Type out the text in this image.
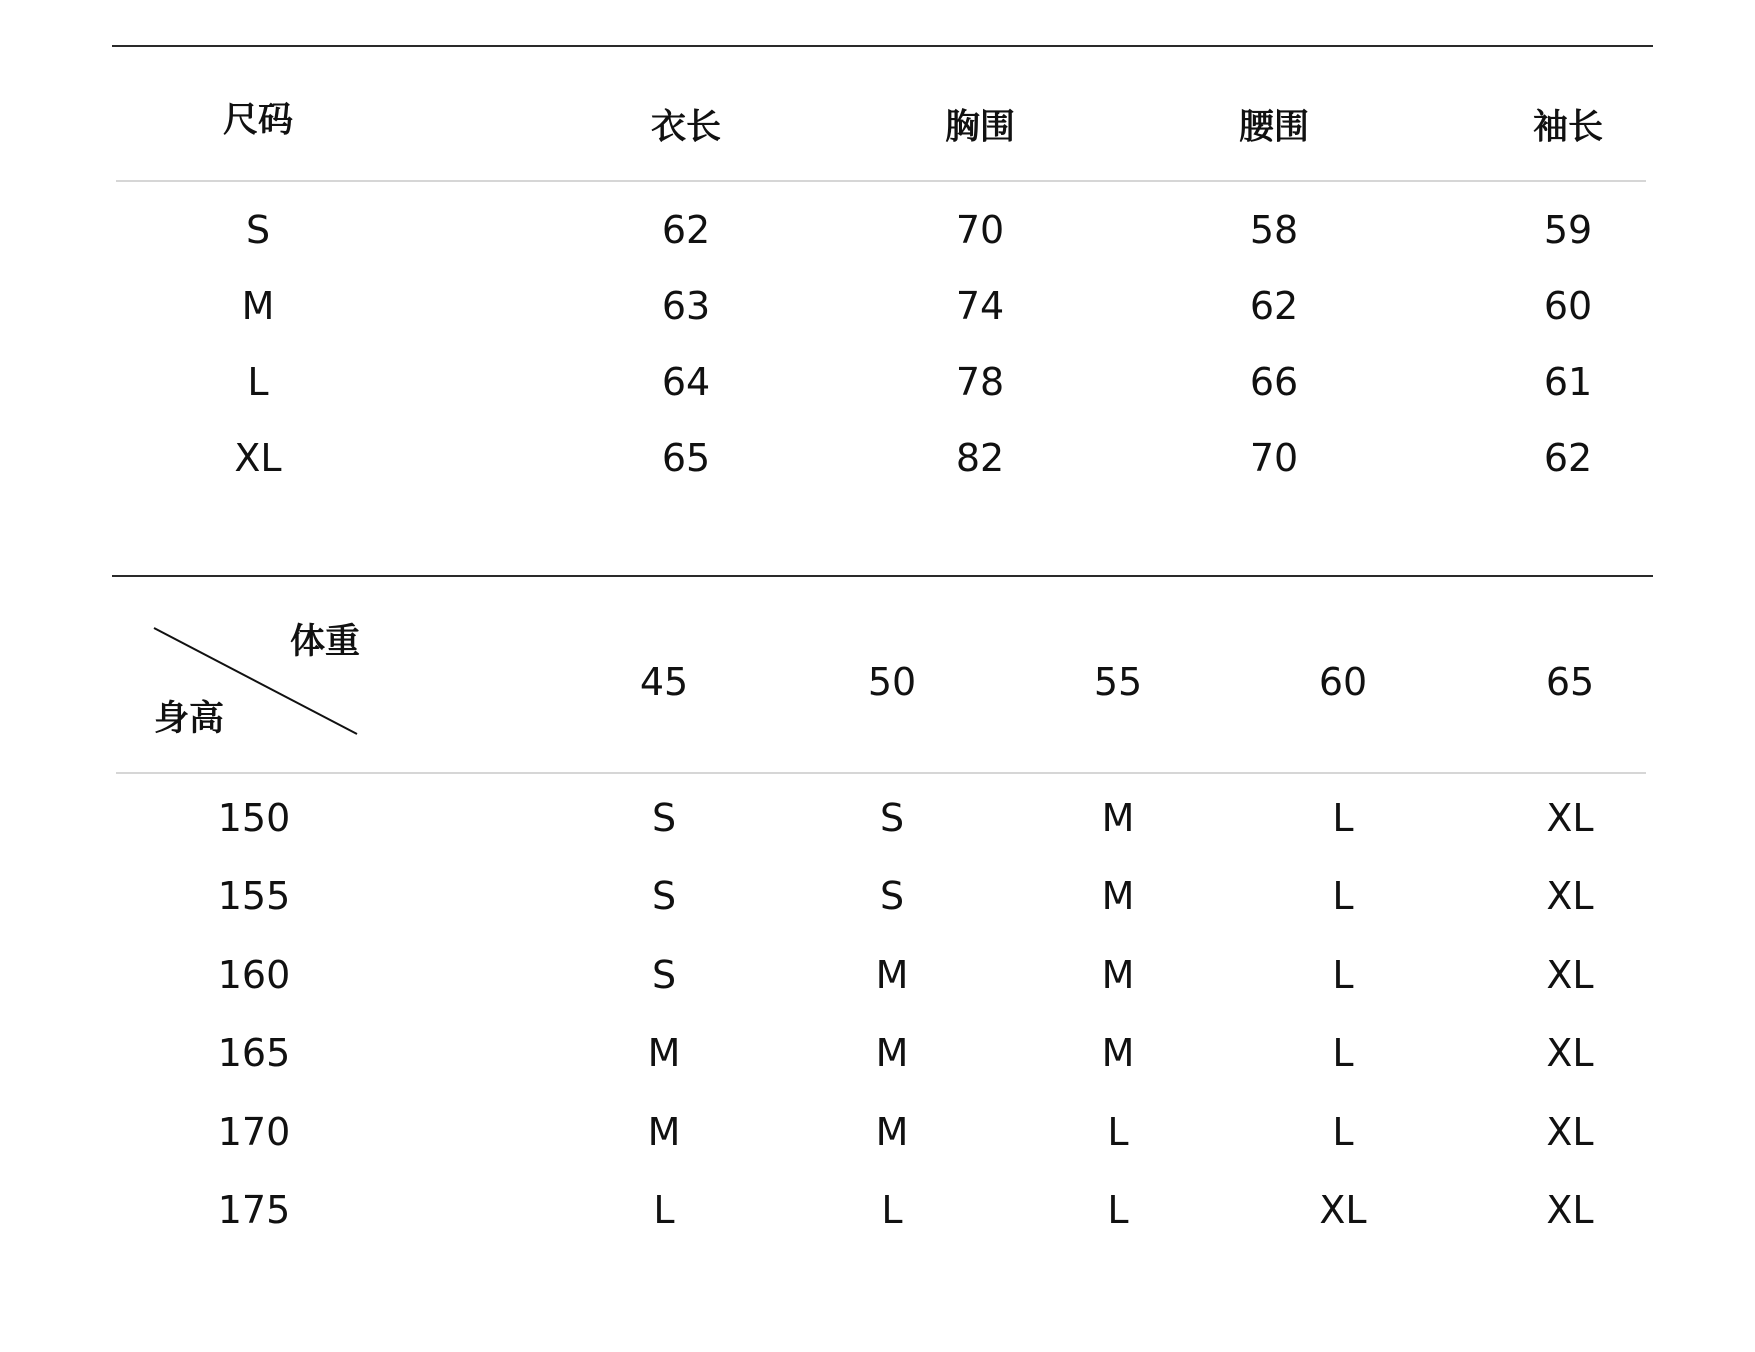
尺码	衣长	胸围	腰围	袖长
S	62	70	58	59
M	63	74	62	60
L	64	78	66	61
XL	65	82	70	62
体重
身高
45	50	55	60	65
150	S	S	M	L	XL
155	S	S	M	L	XL
160	S	M	M	L	XL
165	M	M	M	L	XL
170	M	M	L	L	XL
175	L	L	L	XL	XL
